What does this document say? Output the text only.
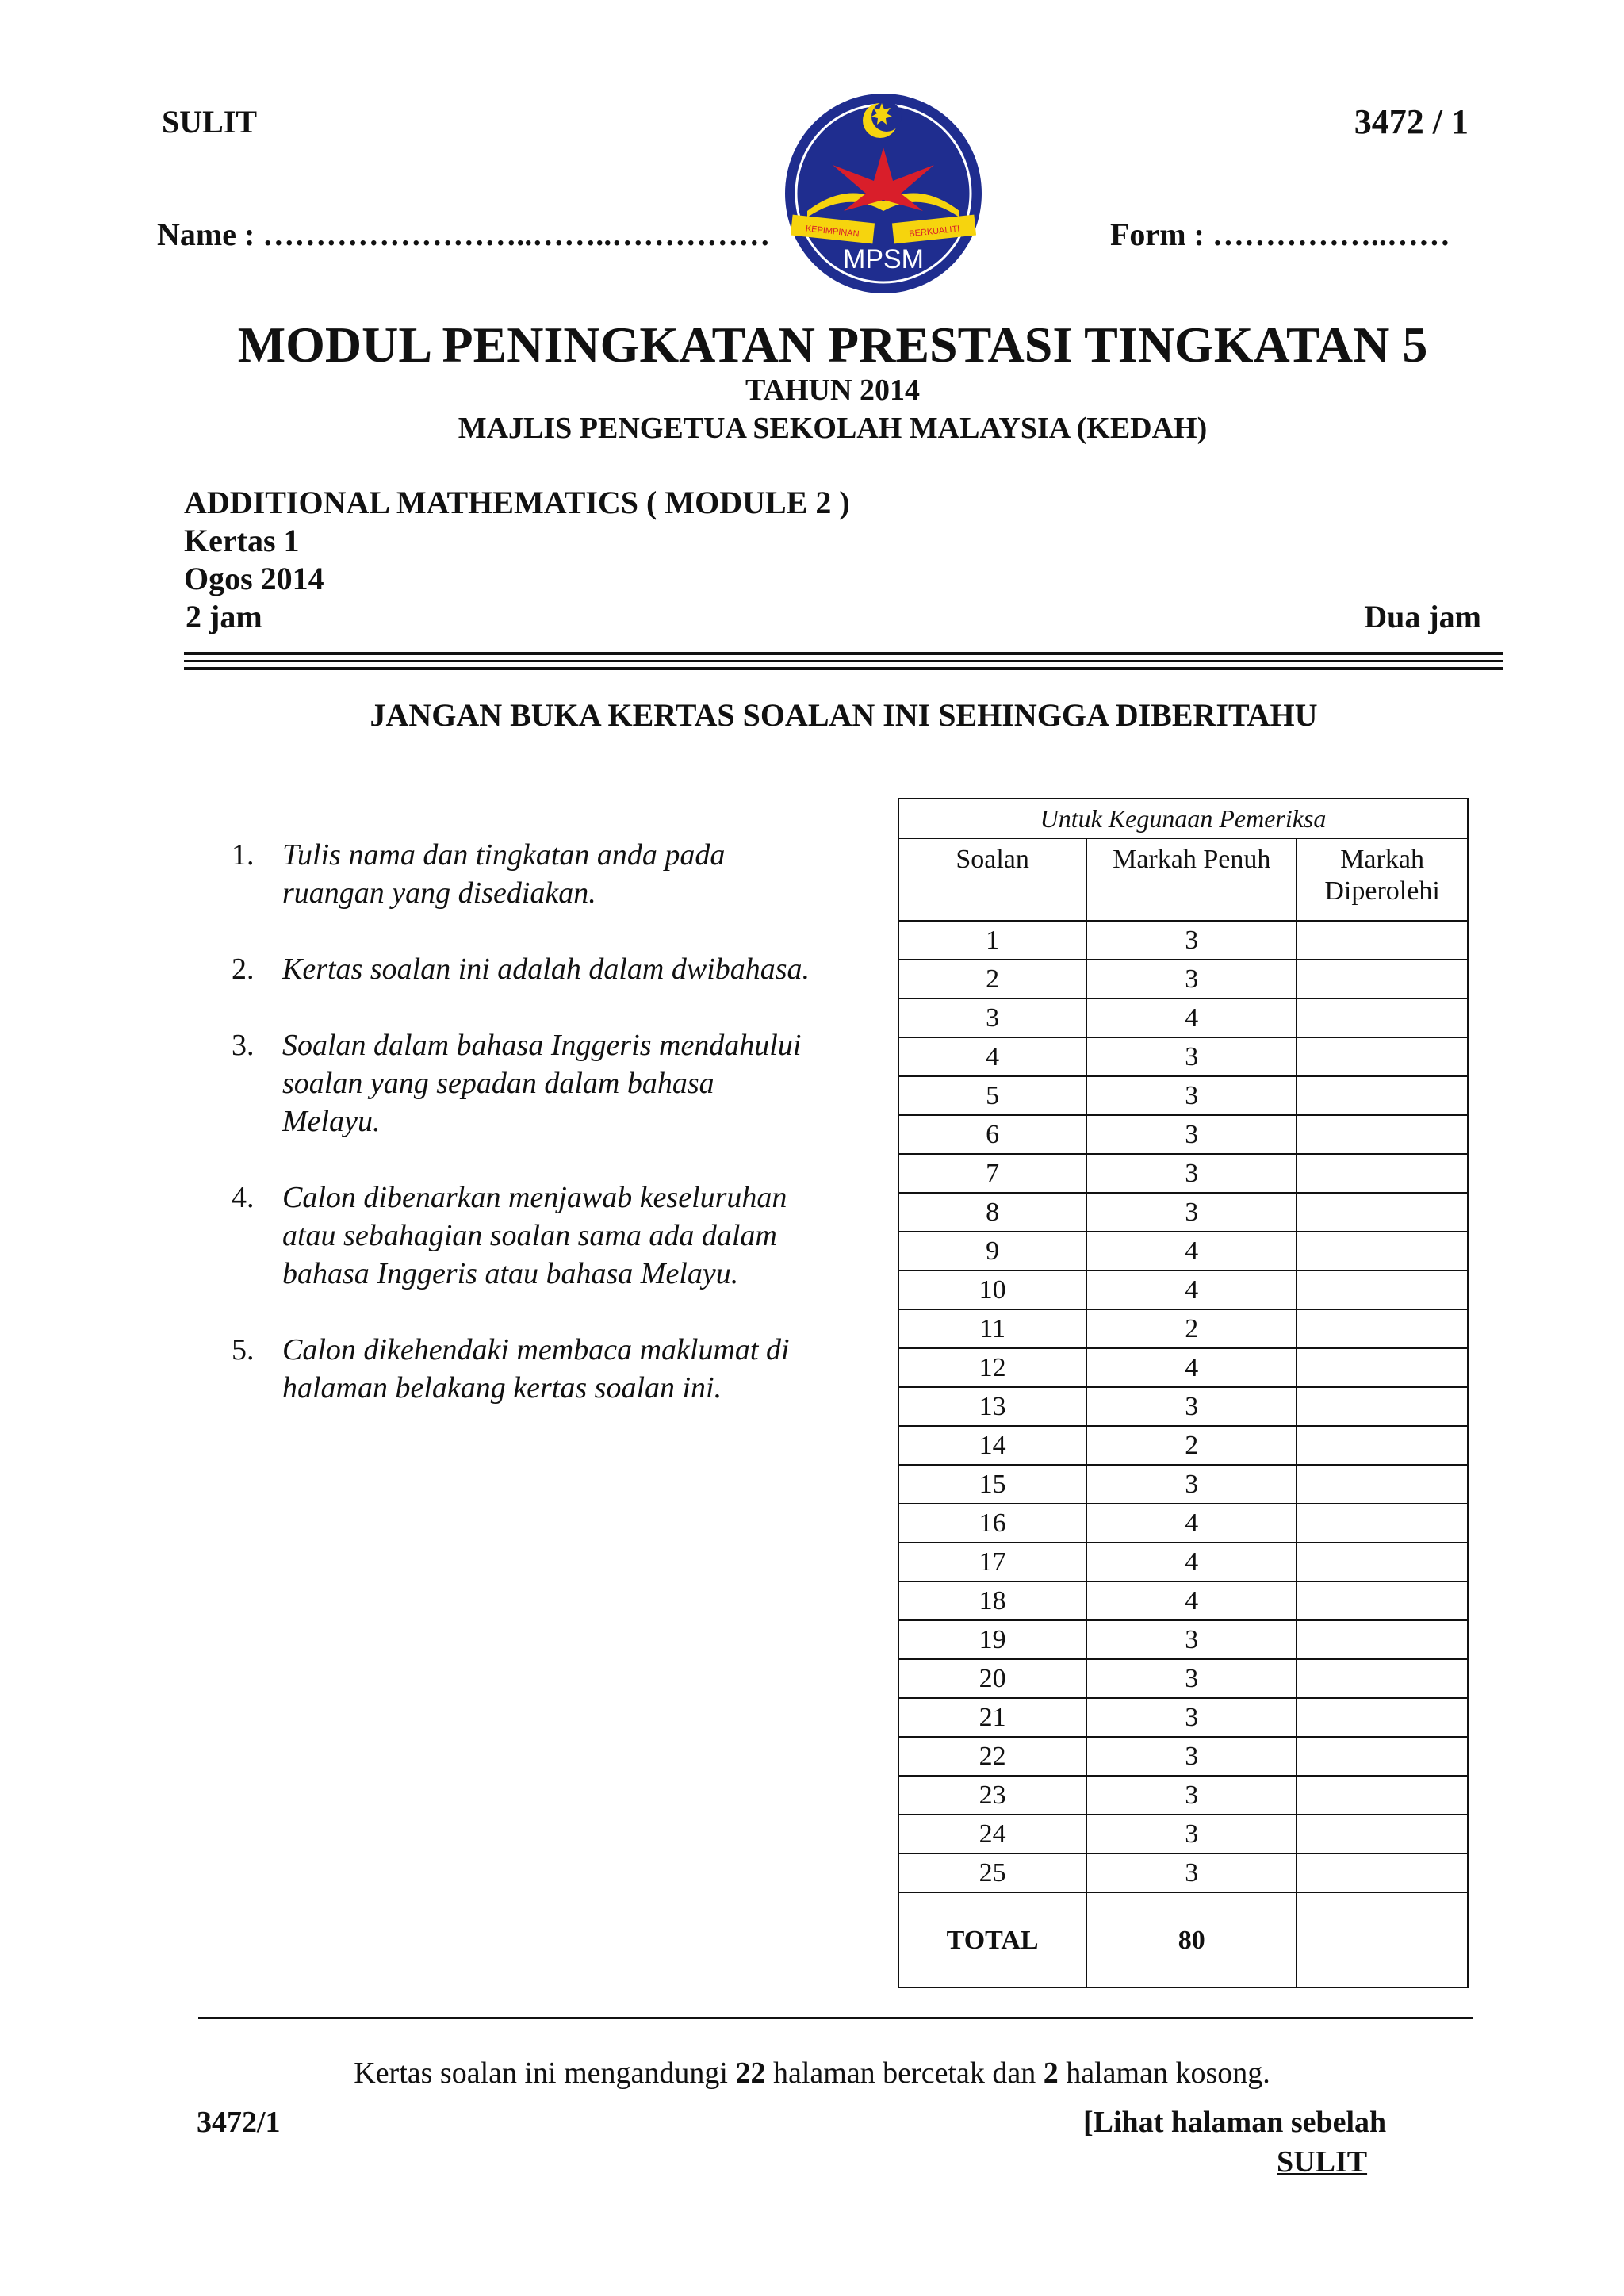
SULIT	3472 / 1
Name : ……………………..……..……………	Form : ……………..……
KEPIMPINAN	BERKUALITI
MPSM
MODUL PENINGKATAN PRESTASI TINGKATAN 5
TAHUN 2014
MAJLIS PENGETUA SEKOLAH MALAYSIA (KEDAH)
ADDITIONAL MATHEMATICS ( MODULE 2 )
Kertas 1
Ogos 2014
2 jam	Dua jam
JANGAN BUKA KERTAS SOALAN INI SEHINGGA DIBERITAHU
1. Tulis nama dan tingkatan anda pada ruangan yang disediakan.
2. Kertas soalan ini adalah dalam dwibahasa.
3. Soalan dalam bahasa Inggeris mendahului soalan yang sepadan dalam bahasa Melayu.
4. Calon dibenarkan menjawab keseluruhan atau sebahagian soalan sama ada dalam bahasa Inggeris atau bahasa Melayu.
5. Calon dikehendaki membaca maklumat di halaman belakang kertas soalan ini.
Untuk Kegunaan Pemeriksa
Soalan	Markah Penuh	Markah Diperolehi
1	3	
2	3	
3	4	
4	3	
5	3	
6	3	
7	3	
8	3	
9	4	
10	4	
11	2	
12	4	
13	3	
14	2	
15	3	
16	4	
17	4	
18	4	
19	3	
20	3	
21	3	
22	3	
23	3	
24	3	
25	3	
TOTAL	80	
Kertas soalan ini mengandungi 22 halaman bercetak dan 2 halaman kosong.
3472/1	[Lihat halaman sebelah
SULIT
